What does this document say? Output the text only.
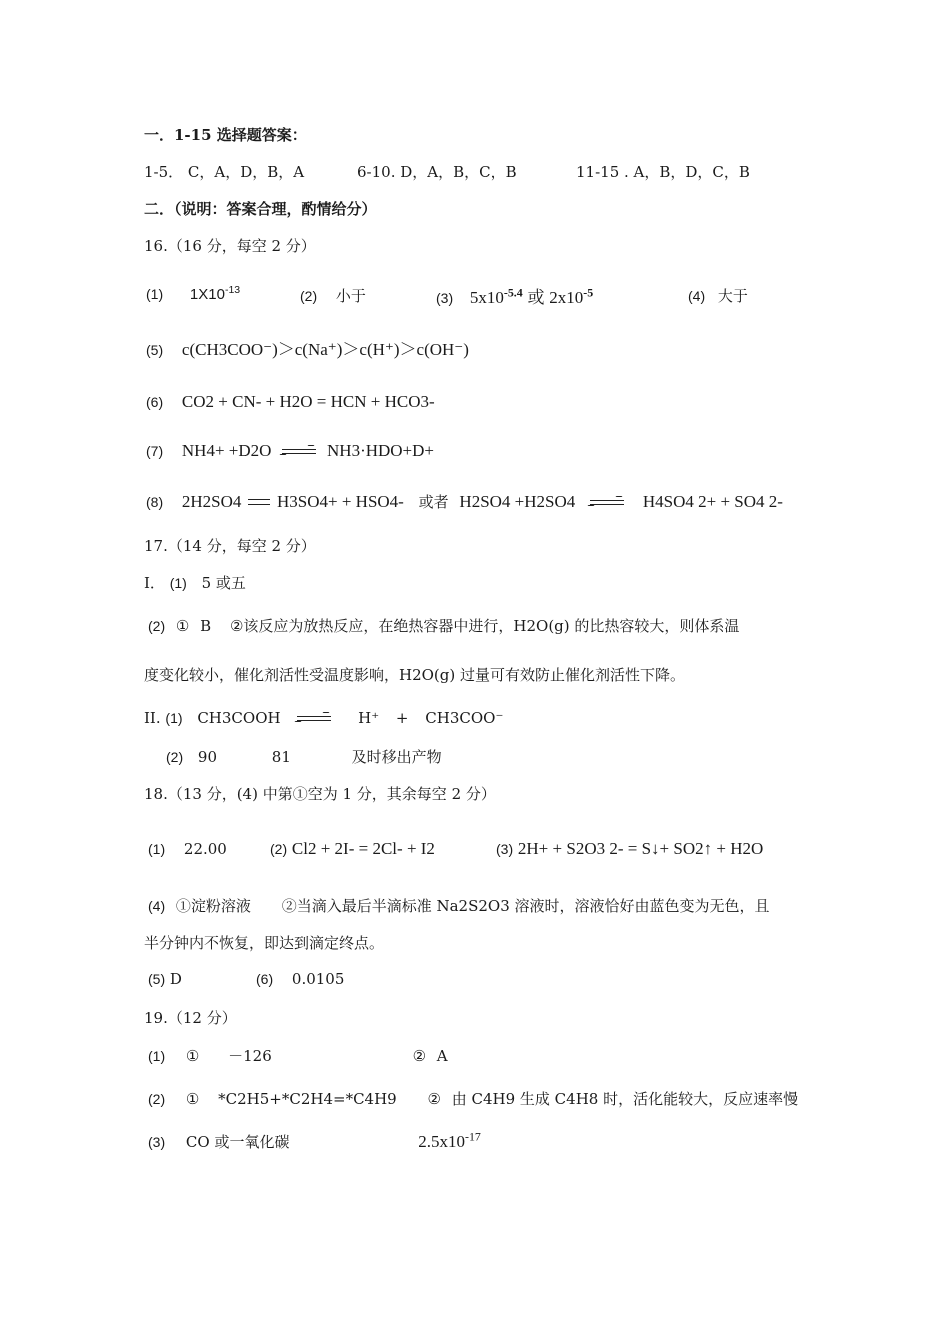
一．1-15 选择题答案：
1-5． C，A，D，B，A	6-10. D，A，B，C，B	11-15 . A，B，D，C，B
二．（说明：答案合理，酌情给分）
16.（16 分，每空 2 分）
(1) $1X10^{-13}$	(2) 小于	(3) $5x10^{-5.4}$ 或 $2x10^{-5}$	(4) 大于
(5) c(CH3COO⁻)＞c(Na⁺)＞c(H⁺)＞c(OH⁻)
(6) CO2 + CN- + H2O = HCN + HCO3-
(7) NH4+ +D2O	NH3·HDO+D+
(8) 2H2SO4 H3SO4+ + HSO4- 或者 H2SO4 +H2SO4	H4SO4 2+ + SO4 2-
17.（14 分，每空 2 分）
Ⅰ． (1) 5 或五
(2) ① B ②该反应为放热反应，在绝热容器中进行，H2O(g) 的比热容较大，则体系温
度变化较小，催化剂活性受温度影响，H2O(g) 过量可有效防止催化剂活性下降。
II. (1) CH3COOH	H⁺ + CH3COO⁻
(2) 90	81	及时移出产物
18.（13 分，(4) 中第①空为 1 分，其余每空 2 分）
(1) 22.00	(2) Cl2 + 2I- = 2Cl- + I2	(3) 2H+ + S2O3 2- = S↓+ SO2↑ + H2O
(4) ①淀粉溶液 ②当滴入最后半滴标准 Na2S2O3 溶液时，溶液恰好由蓝色变为无色，且
半分钟内不恢复，即达到滴定终点。
(5) D	(6) 0.0105
19.（12 分）
(1) ① －126	② A
(2) ① *C2H5+*C2H4=*C4H9 ② 由 C4H9 生成 C4H8 时，活化能较大，反应速率慢
(3) CO 或一氧化碳	$2.5x10^{-17}$
